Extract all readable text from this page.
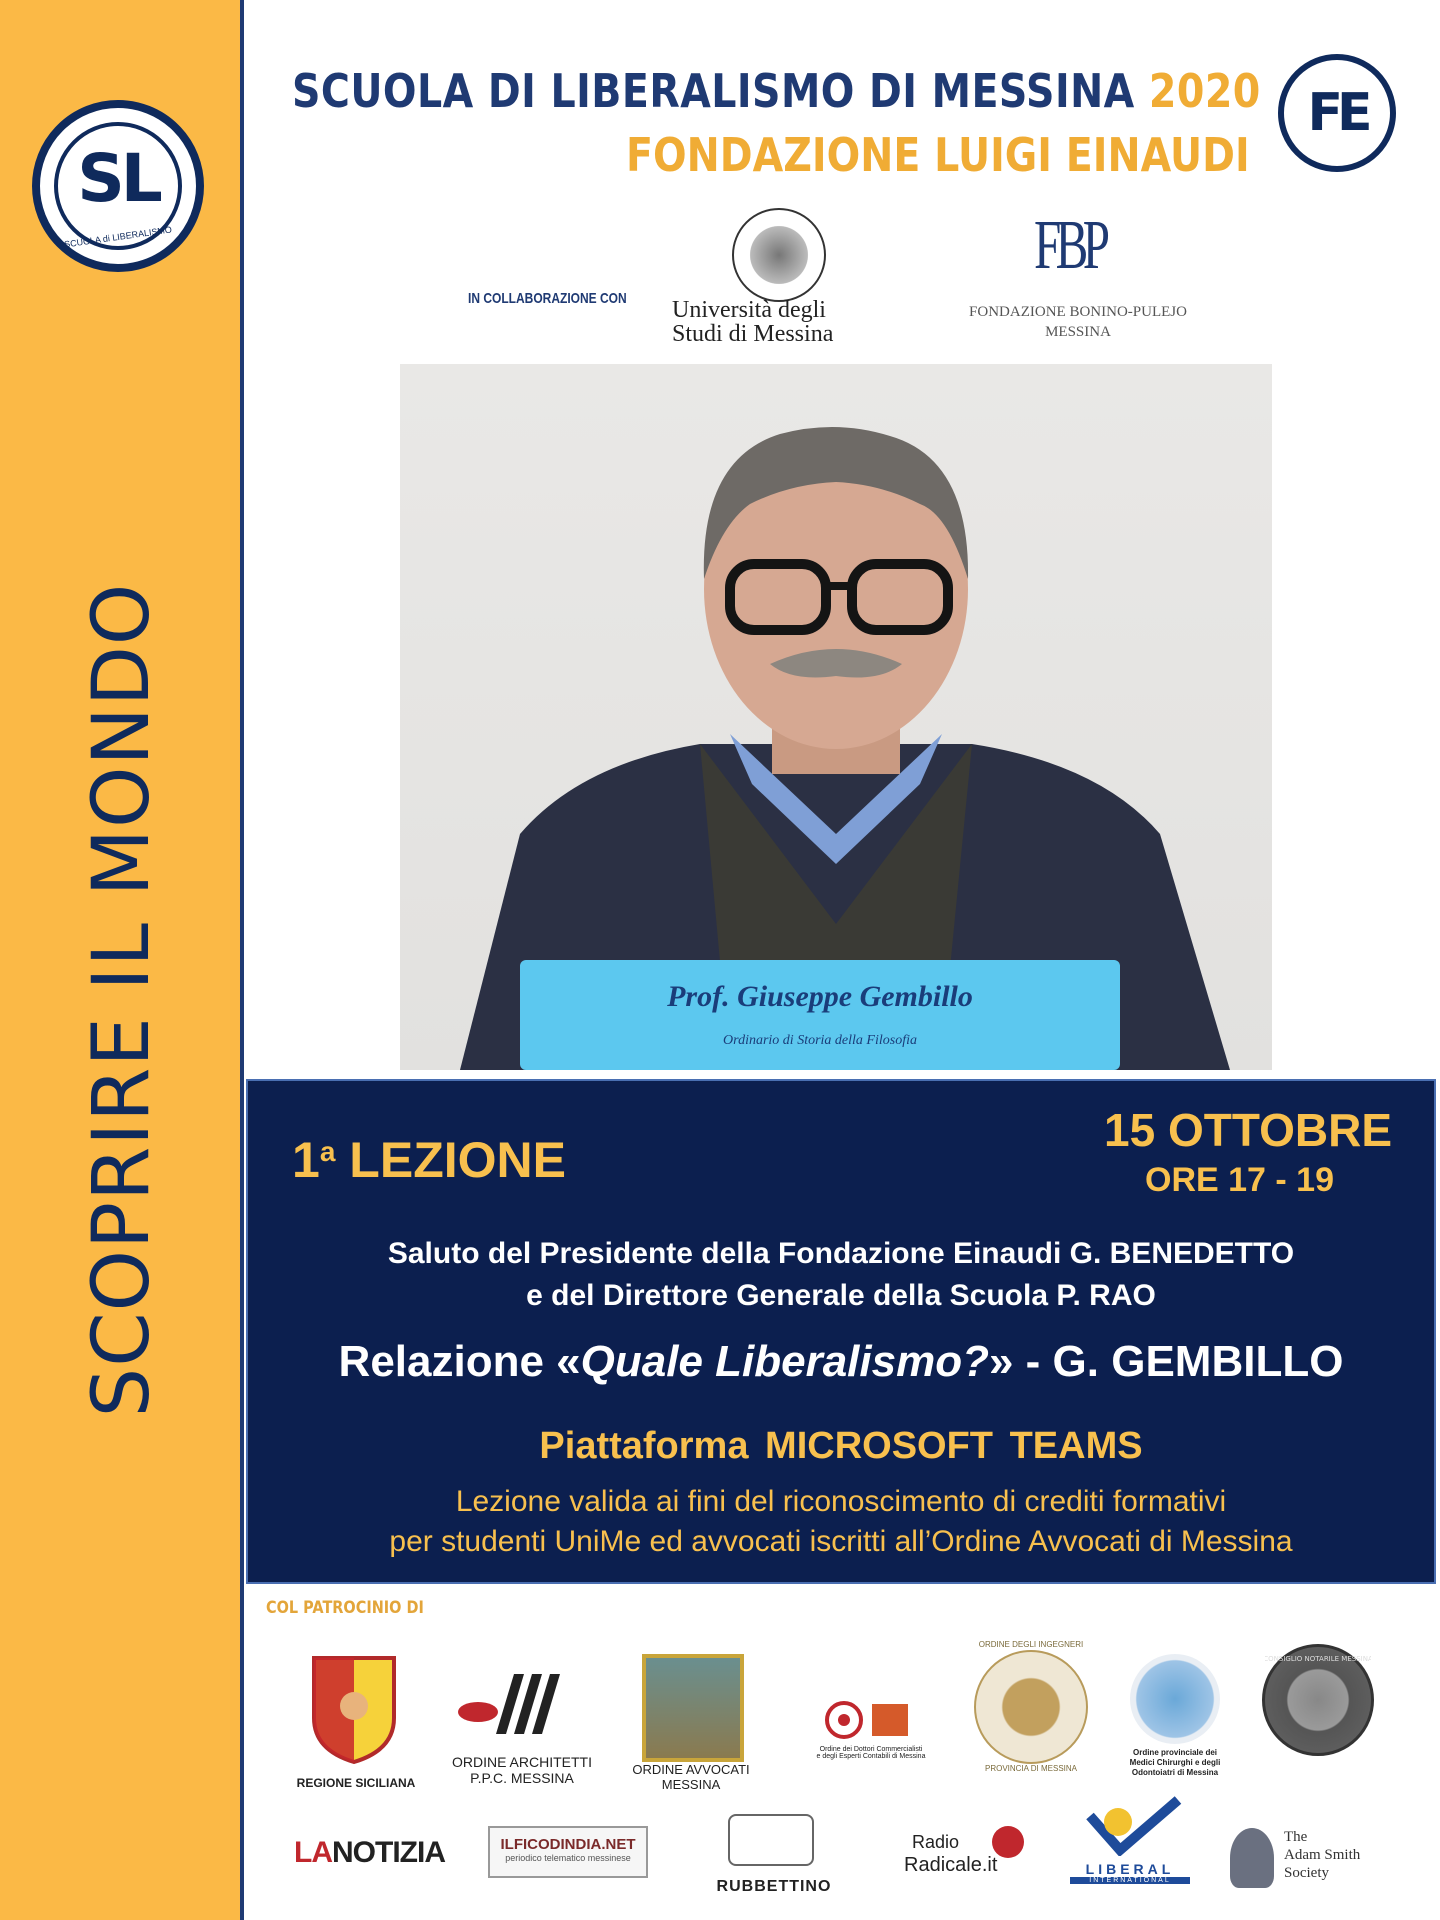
SL
SCUOLA di LIBERALISMO
SCOPRIRE IL MONDO
SCUOLA DI LIBERALISMO DI MESSINA 2020
FONDAZIONE LUIGI EINAUDI
FE
IN COLLABORAZIONE CON Università degli
Studi di Messina
FBP
FONDAZIONE BONINO-PULEJO
MESSINA
Prof. Giuseppe Gembillo
Ordinario di Storia della Filosofia
1$^a$ LEZIONE
15 OTTOBRE
ORE 17 - 19
Saluto del Presidente della Fondazione Einaudi G. BENEDETTO
e del Direttore Generale della Scuola P. RAO
Relazione «Quale Liberalismo?» - G. GEMBILLO
Piattaforma MICROSOFT TEAMS
Lezione valida ai fini del riconoscimento di crediti formativi
per studenti UniMe ed avvocati iscritti all’Ordine Avvocati di Messina
COL PATROCINIO DI
REGIONE SICILIANA
ORDINE ARCHITETTI
P.P.C. MESSINA
ORDINE AVVOCATI
MESSINA
Ordine dei Dottori Commercialisti
e degli Esperti Contabili di Messina
ORDINE DEGLI INGEGNERI
PROVINCIA DI MESSINA
Ordine provinciale dei
Medici Chirurghi e degli
Odontoiatri di Messina
CONSIGLIO NOTARILE MESSINA
LANOTIZIA	ILFICODINDIA.NET
periodico telematico messinese
RUBBETTINO
Radio
Radicale.it	LIBERAL
INTERNATIONAL
The
Adam Smith
Society
